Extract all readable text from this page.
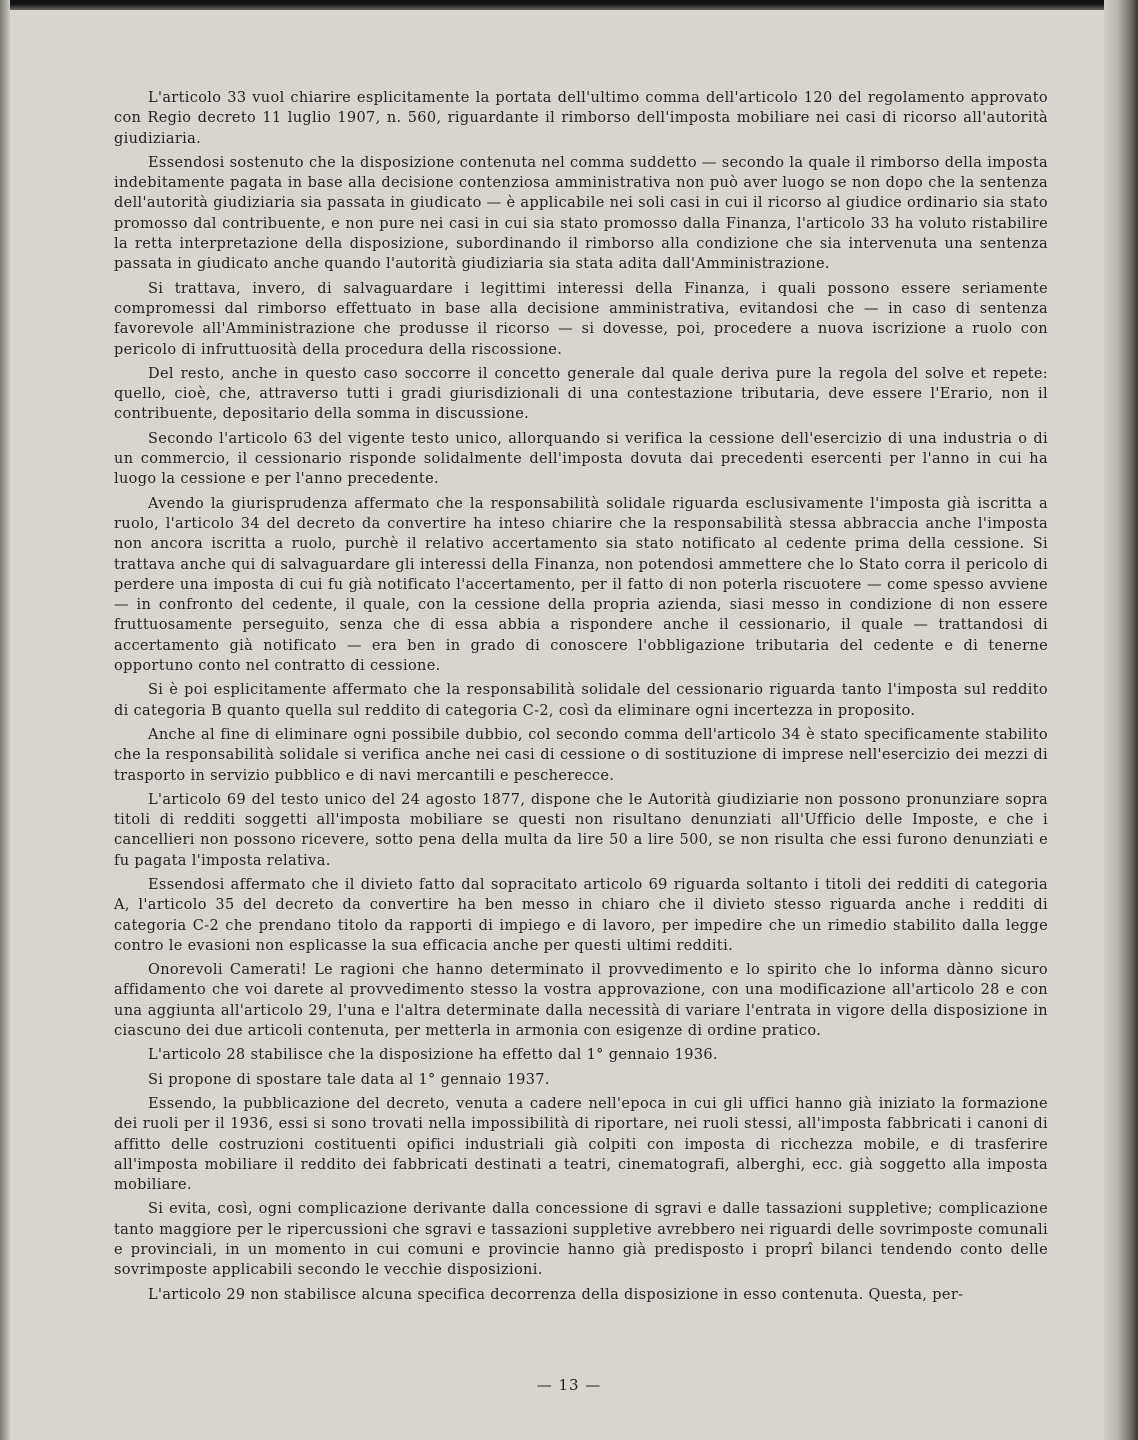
L'articolo 33 vuol chiarire esplicitamente la portata dell'ultimo comma dell'articolo 120 del regolamento approvato con Regio decreto 11 luglio 1907, n. 560, riguardante il rimborso dell'imposta mobiliare nei casi di ricorso all'autorità giudiziaria.

Essendosi sostenuto che la disposizione contenuta nel comma suddetto — secondo la quale il rimborso della imposta indebitamente pagata in base alla decisione contenziosa amministrativa non può aver luogo se non dopo che la sentenza dell'autorità giudiziaria sia passata in giudicato — è applicabile nei soli casi in cui il ricorso al giudice ordinario sia stato promosso dal contribuente, e non pure nei casi in cui sia stato promosso dalla Finanza, l'articolo 33 ha voluto ristabilire la retta interpretazione della disposizione, subordinando il rimborso alla condizione che sia intervenuta una sentenza passata in giudicato anche quando l'autorità giudiziaria sia stata adita dall'Amministrazione.

Si trattava, invero, di salvaguardare i legittimi interessi della Finanza, i quali possono essere seriamente compromessi dal rimborso effettuato in base alla decisione amministrativa, evitandosi che — in caso di sentenza favorevole all'Amministrazione che produsse il ricorso — si dovesse, poi, procedere a nuova iscrizione a ruolo con pericolo di infruttuosità della procedura della riscossione.

Del resto, anche in questo caso soccorre il concetto generale dal quale deriva pure la regola del solve et repete: quello, cioè, che, attraverso tutti i gradi giurisdizionali di una contestazione tributaria, deve essere l'Erario, non il contribuente, depositario della somma in discussione.

Secondo l'articolo 63 del vigente testo unico, allorquando si verifica la cessione dell'esercizio di una industria o di un commercio, il cessionario risponde solidalmente dell'imposta dovuta dai precedenti esercenti per l'anno in cui ha luogo la cessione e per l'anno precedente.

Avendo la giurisprudenza affermato che la responsabilità solidale riguarda esclusivamente l'imposta già iscritta a ruolo, l'articolo 34 del decreto da convertire ha inteso chiarire che la responsabilità stessa abbraccia anche l'imposta non ancora iscritta a ruolo, purchè il relativo accertamento sia stato notificato al cedente prima della cessione. Si trattava anche qui di salvaguardare gli interessi della Finanza, non potendosi ammettere che lo Stato corra il pericolo di perdere una imposta di cui fu già notificato l'accertamento, per il fatto di non poterla riscuotere — come spesso avviene — in confronto del cedente, il quale, con la cessione della propria azienda, siasi messo in condizione di non essere fruttuosamente perseguito, senza che di essa abbia a rispondere anche il cessionario, il quale — trattandosi di accertamento già notificato — era ben in grado di conoscere l'obbligazione tributaria del cedente e di tenerne opportuno conto nel contratto di cessione.

Si è poi esplicitamente affermato che la responsabilità solidale del cessionario riguarda tanto l'imposta sul reddito di categoria B quanto quella sul reddito di categoria C-2, così da eliminare ogni incertezza in proposito.

Anche al fine di eliminare ogni possibile dubbio, col secondo comma dell'articolo 34 è stato specificamente stabilito che la responsabilità solidale si verifica anche nei casi di cessione o di sostituzione di imprese nell'esercizio dei mezzi di trasporto in servizio pubblico e di navi mercantili e pescherecce.

L'articolo 69 del testo unico del 24 agosto 1877, dispone che le Autorità giudiziarie non possono pronunziare sopra titoli di redditi soggetti all'imposta mobiliare se questi non risultano denunziati all'Ufficio delle Imposte, e che i cancellieri non possono ricevere, sotto pena della multa da lire 50 a lire 500, se non risulta che essi furono denunziati e fu pagata l'imposta relativa.

Essendosi affermato che il divieto fatto dal sopracitato articolo 69 riguarda soltanto i titoli dei redditi di categoria A, l'articolo 35 del decreto da convertire ha ben messo in chiaro che il divieto stesso riguarda anche i redditi di categoria C-2 che prendano titolo da rapporti di impiego e di lavoro, per impedire che un rimedio stabilito dalla legge contro le evasioni non esplicasse la sua efficacia anche per questi ultimi redditi.

Onorevoli Camerati! Le ragioni che hanno determinato il provvedimento e lo spirito che lo informa dànno sicuro affidamento che voi darete al provvedimento stesso la vostra approvazione, con una modificazione all'articolo 28 e con una aggiunta all'articolo 29, l'una e l'altra determinate dalla necessità di variare l'entrata in vigore della disposizione in ciascuno dei due articoli contenuta, per metterla in armonia con esigenze di ordine pratico.

L'articolo 28 stabilisce che la disposizione ha effetto dal 1° gennaio 1936.

Si propone di spostare tale data al 1° gennaio 1937.

Essendo, la pubblicazione del decreto, venuta a cadere nell'epoca in cui gli uffici hanno già iniziato la formazione dei ruoli per il 1936, essi si sono trovati nella impossibilità di riportare, nei ruoli stessi, all'imposta fabbricati i canoni di affitto delle costruzioni costituenti opifici industriali già colpiti con imposta di ricchezza mobile, e di trasferire all'imposta mobiliare il reddito dei fabbricati destinati a teatri, cinematografi, alberghi, ecc. già soggetto alla imposta mobiliare.

Si evita, così, ogni complicazione derivante dalla concessione di sgravi e dalle tassazioni suppletive; complicazione tanto maggiore per le ripercussioni che sgravi e tassazioni suppletive avrebbero nei riguardi delle sovrimposte comunali e provinciali, in un momento in cui comuni e provincie hanno già predisposto i proprî bilanci tendendo conto delle sovrimposte applicabili secondo le vecchie disposizioni.

L'articolo 29 non stabilisce alcuna specifica decorrenza della disposizione in esso contenuta. Questa, per-

— 13 —
